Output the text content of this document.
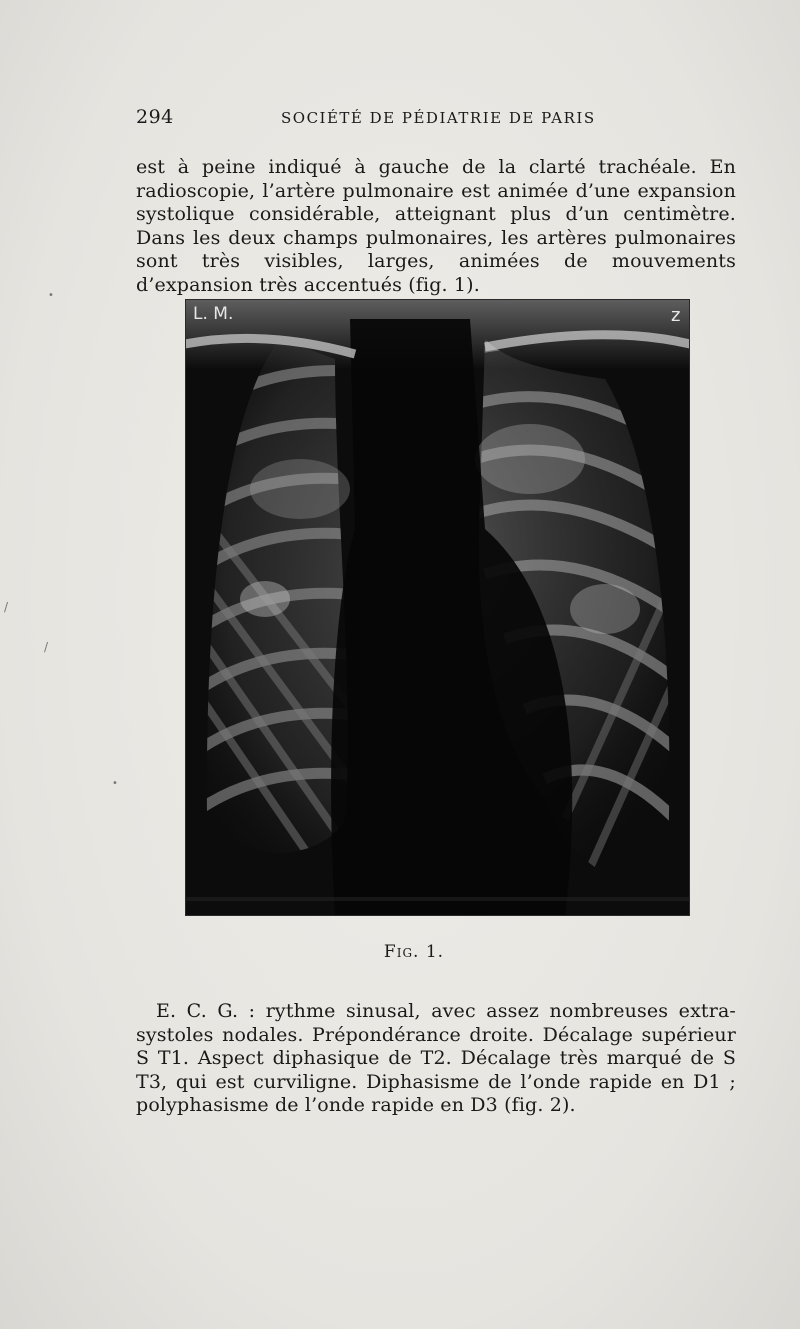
294	SOCIÉTÉ DE PÉDIATRIE DE PARIS

est à peine indiqué à gauche de la clarté trachéale. En radioscopie, l’artère pulmonaire est animée d’une expansion systolique considérable, atteignant plus d’un centimètre. Dans les deux champs pulmonaires, les artères pulmonaires sont très visibles, larges, animées de mouvements d’expansion très accentués (fig. 1).

L. M.	z
Fig. 1.

E. C. G. : rythme sinusal, avec assez nombreuses extra-systoles nodales. Prépondérance droite. Décalage supérieur S T1. Aspect diphasique de T2. Décalage très marqué de S T3, qui est curviligne. Diphasisme de l’onde rapide en D1 ; polyphasisme de l’onde rapide en D3 (fig. 2).

•
•
/
/
